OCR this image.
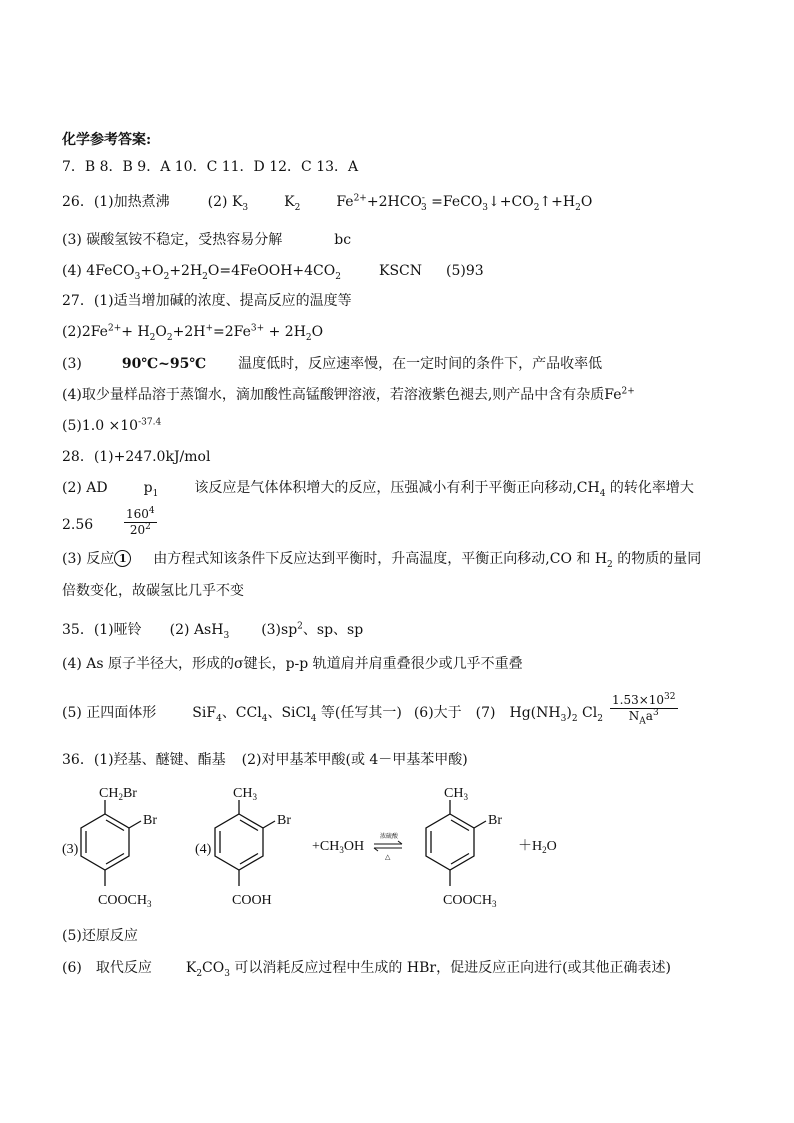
化学参考答案:
7．B 8．B 9．A 10．C 11．D 12．C 13．A
26．(1)加热煮沸	(2) $K_3$	$K_2$	$Fe^{2+}+2HCO^-_3$ $=FeCO_3↓+CO_2↑+H_2O$
(3) 碳酸氢铵不稳定，受热容易分解	bc
(4) $4FeCO_3+O_2+2H_2O=4FeOOH+4CO_2$	KSCN (5)93
27．(1)适当增加碱的浓度、提高反应的温度等
$(2)2Fe^{2+}+ H_2O_2+2H^+=2Fe^{3+} + 2H_2O$
(3)	90℃~95℃ 温度低时，反应速率慢，在一定时间的条件下，产品收率低
(4)取少量样品溶于蒸馏水，滴加酸性高锰酸钾溶液，若溶液紫色褪去,则产品中含有杂质$Fe^{2+}$
$(5)1.0 \times 10^{-37.4}$
28．(1)+247.0kJ/mol
(2) AD	$p_1$	该反应是气体体积增大的反应，压强减小有利于平衡正向移动$,CH_4$ 的转化率增大
2.56	$\frac{160^4}{20^2}$
(3) 反应 1 由方程式知该条件下反应达到平衡时，升高温度，平衡正向移动,CO 和 $H_2$ 的物质的量同
倍数变化，故碳氢比几乎不变
35．(1)哑铃 (2) AsH$_3$ $(3)sp^2$、sp、sp
(4) As 原子半径大，形成的σ键长，p-p 轨道肩并肩重叠很少或几乎不重叠
(5) 正四面体形	SiF$_4$、CCl$_4$、SiCl$_4$ 等(任写其一) (6)大于 (7) $Hg(NH_3)_2$ $Cl_2$
$1.53\times 10^{32}$
$N_Aa^3$
36．(1)羟基、醚键、酯基 (2)对甲基苯甲酸(或 4－甲基苯甲酸)
(3)
$CH_2Br$
Br
$COOCH_3$
(4)
$CH_3$
Br
COOH
$+CH_3OH$
浓硫酸
△
$CH_3$
Br
$COOCH_3$
$+H_2O$
(5)还原反应
(6) 取代反应 $K_2CO_3$ 可以消耗反应过程中生成的 HBr，促进反应正向进行(或其他正确表述)
